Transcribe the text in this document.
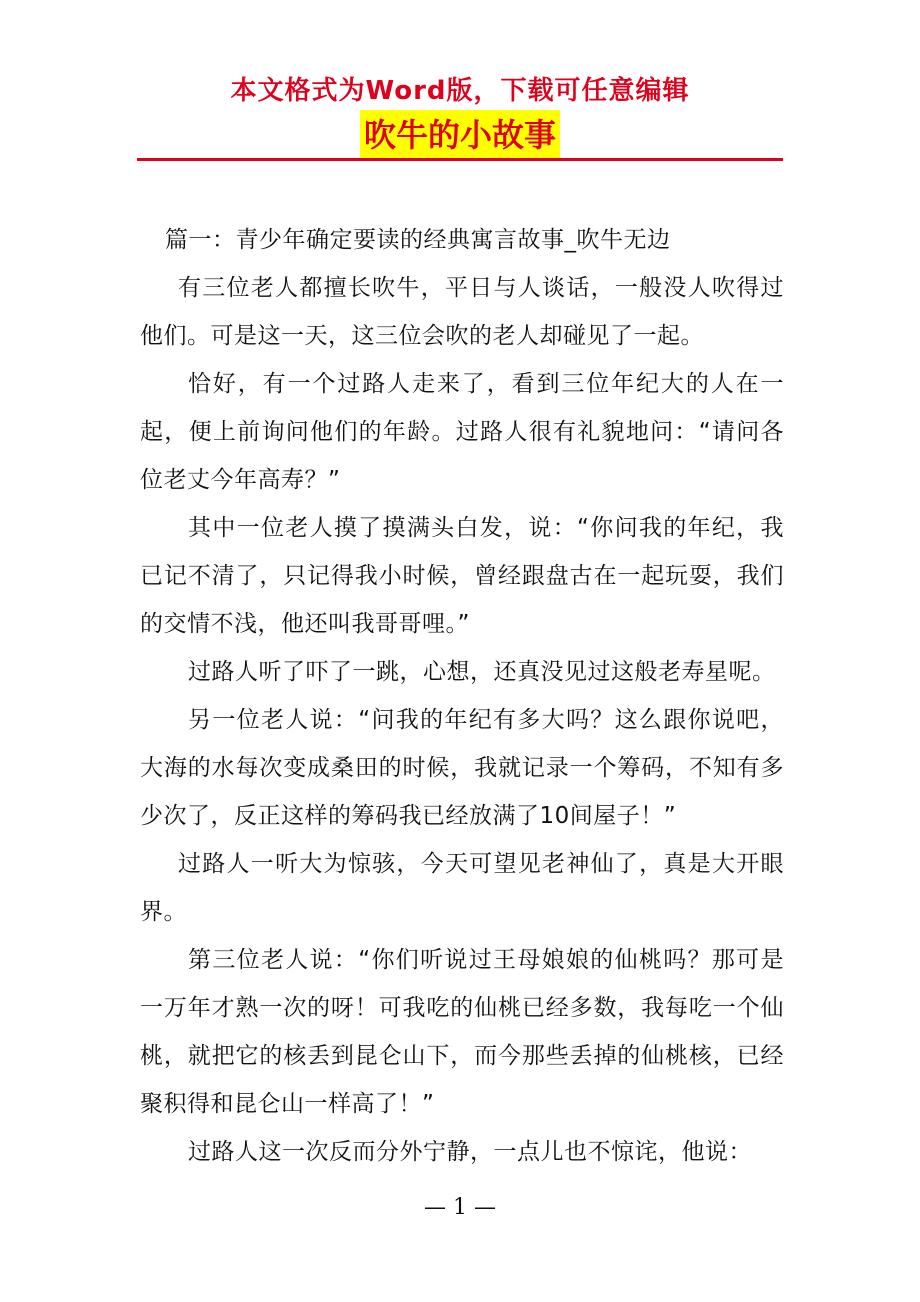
本文格式为Word版，下载可任意编辑
吹牛的小故事

篇一：青少年确定要读的经典寓言故事_吹牛无边

有三位老人都擅长吹牛，平日与人谈话，一般没人吹得过他们。可是这一天，这三位会吹的老人却碰见了一起。

恰好，有一个过路人走来了，看到三位年纪大的人在一起，便上前询问他们的年龄。过路人很有礼貌地问：“请问各位老丈今年高寿？”

其中一位老人摸了摸满头白发，说：“你问我的年纪，我已记不清了，只记得我小时候，曾经跟盘古在一起玩耍，我们的交情不浅，他还叫我哥哥哩。”

过路人听了吓了一跳，心想，还真没见过这般老寿星呢。

另一位老人说：“问我的年纪有多大吗？这么跟你说吧，大海的水每次变成桑田的时候，我就记录一个筹码，不知有多少次了，反正这样的筹码我已经放满了10间屋子！”

过路人一听大为惊骇，今天可望见老神仙了，真是大开眼界。

第三位老人说：“你们听说过王母娘娘的仙桃吗？那可是一万年才熟一次的呀！可我吃的仙桃已经多数，我每吃一个仙桃，就把它的核丢到昆仑山下，而今那些丢掉的仙桃核，已经聚积得和昆仑山一样高了！”

过路人这一次反而分外宁静，一点儿也不惊诧，他说：

— 1 —
